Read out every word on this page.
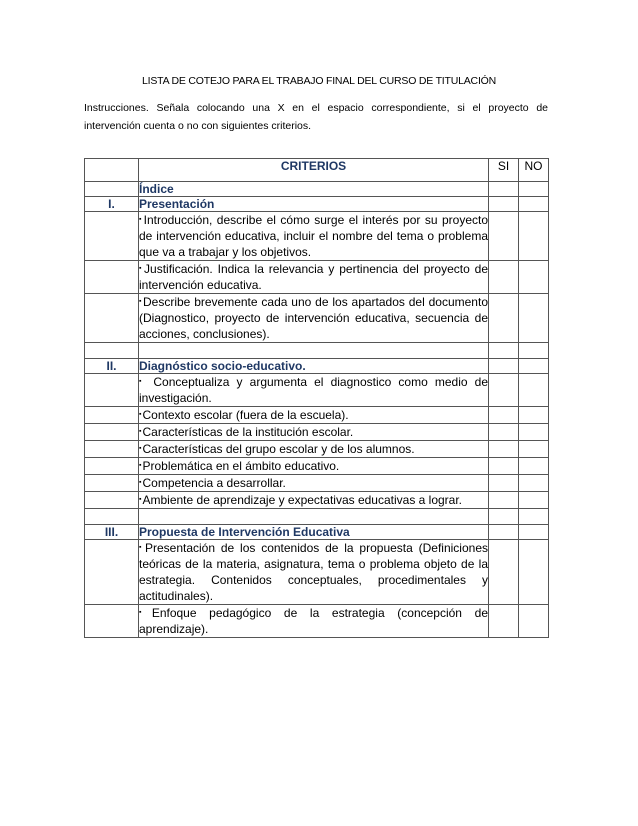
LISTA DE COTEJO PARA EL TRABAJO FINAL DEL CURSO DE TITULACIÓN
Instrucciones. Señala colocando una X en el espacio correspondiente, si el proyecto de intervención cuenta o no con siguientes criterios.
	CRITERIOS	SI	NO
	Índice		
I.	Presentación		
	▪Introducción, describe el cómo surge el interés por su proyecto de intervención educativa, incluir el nombre del tema o problema que va a trabajar y los objetivos.		
	▪Justificación. Indica la relevancia y pertinencia del proyecto de intervención educativa.		
	▪Describe brevemente cada uno de los apartados del documento (Diagnostico, proyecto de intervención educativa, secuencia de acciones, conclusiones).		

II.	Diagnóstico socio-educativo.		
	▪ Conceptualiza y argumenta el diagnostico como medio de investigación.		
	▪Contexto escolar (fuera de la escuela).		
	▪Características de la institución escolar.		
	▪Características del grupo escolar y de los alumnos.		
	▪Problemática en el ámbito educativo.		
	▪Competencia a desarrollar.		
	▪Ambiente de aprendizaje y expectativas educativas a lograr.		

III.	Propuesta de Intervención Educativa		
	▪Presentación de los contenidos de la propuesta (Definiciones teóricas de la materia, asignatura, tema o problema objeto de la estrategia. Contenidos conceptuales, procedimentales y actitudinales).		
	▪Enfoque pedagógico de la estrategia (concepción de aprendizaje).		
